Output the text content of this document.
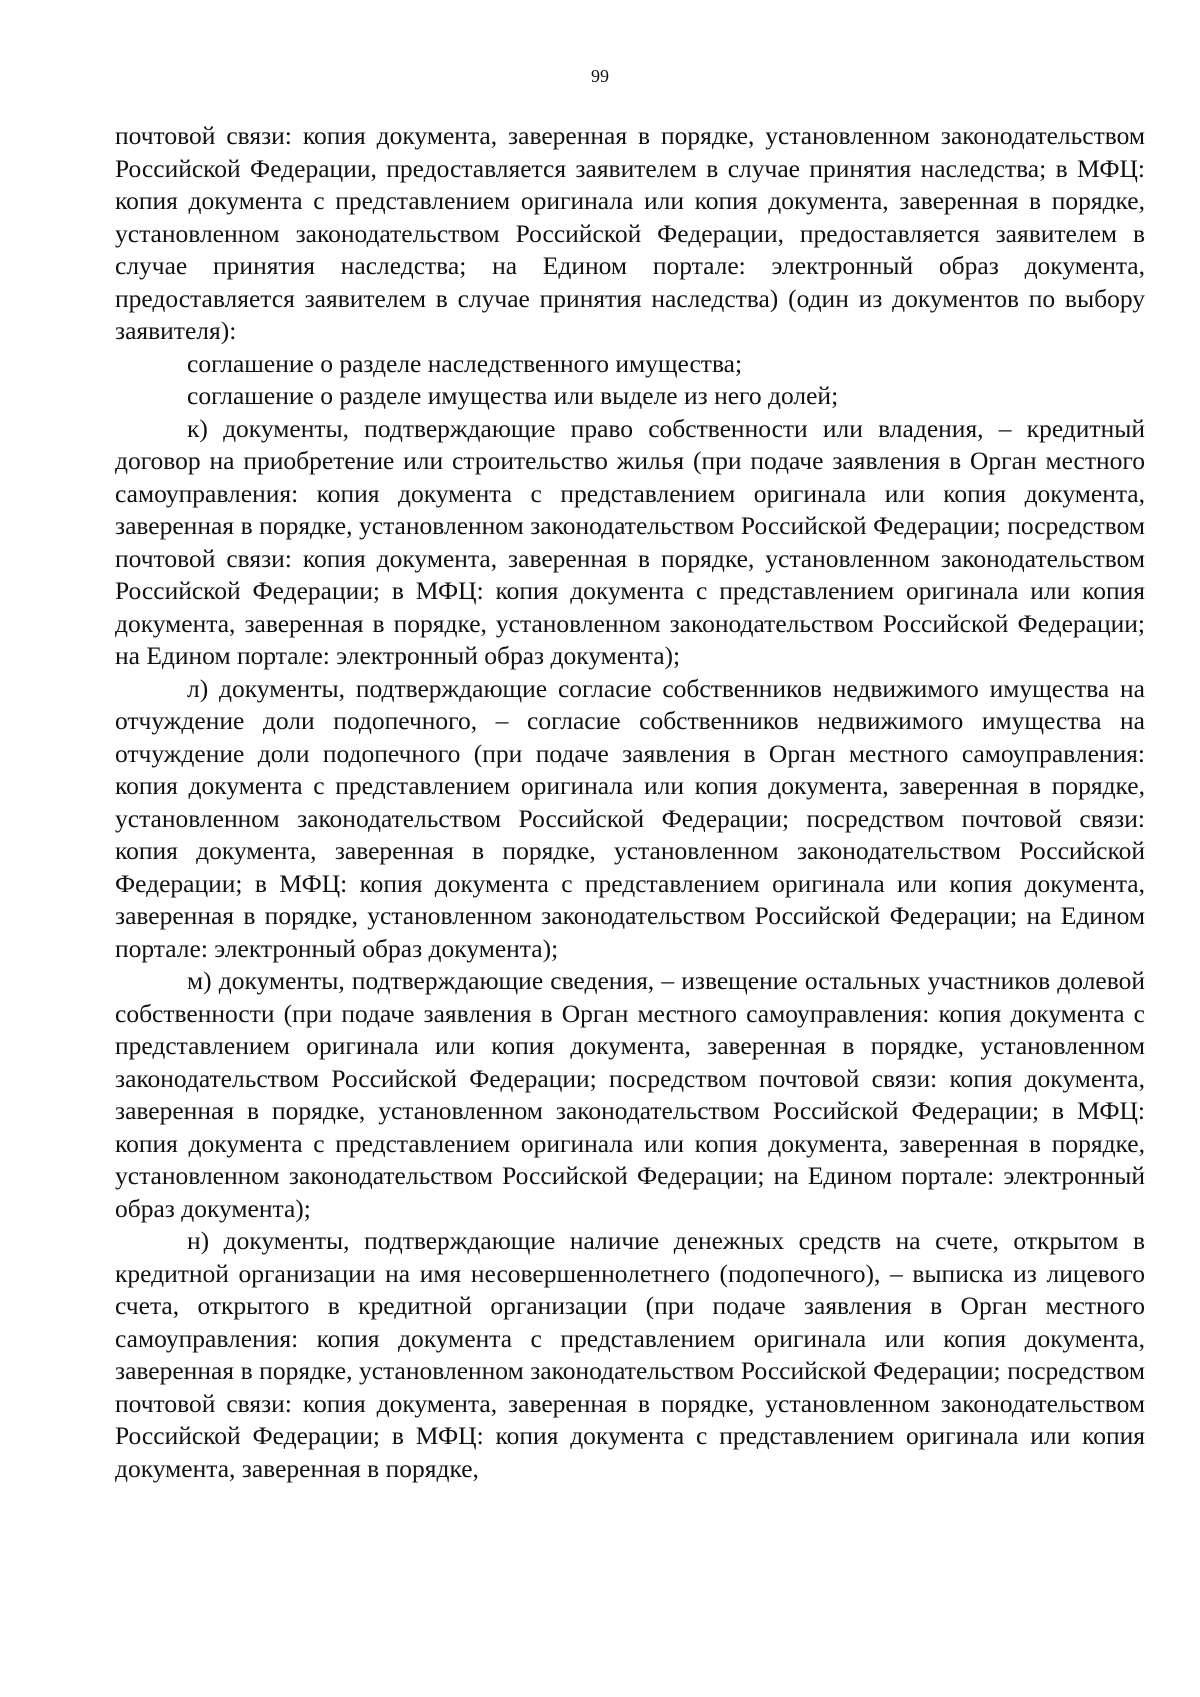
99

почтовой связи: копия документа, заверенная в порядке, установленном законодательством Российской Федерации, предоставляется заявителем в случае принятия наследства; в МФЦ: копия документа с представлением оригинала или копия документа, заверенная в порядке, установленном законодательством Российской Федерации, предоставляется заявителем в случае принятия наследства; на Едином портале: электронный образ документа, предоставляется заявителем в случае принятия наследства) (один из документов по выбору заявителя):

соглашение о разделе наследственного имущества;

соглашение о разделе имущества или выделе из него долей;

к) документы, подтверждающие право собственности или владения, – кредитный договор на приобретение или строительство жилья (при подаче заявления в Орган местного самоуправления: копия документа с представлением оригинала или копия документа, заверенная в порядке, установленном законодательством Российской Федерации; посредством почтовой связи: копия документа, заверенная в порядке, установленном законодательством Российской Федерации; в МФЦ: копия документа с представлением оригинала или копия документа, заверенная в порядке, установленном законодательством Российской Федерации; на Едином портале: электронный образ документа);

л) документы, подтверждающие согласие собственников недвижимого имущества на отчуждение доли подопечного, – согласие собственников недвижимого имущества на отчуждение доли подопечного (при подаче заявления в Орган местного самоуправления: копия документа с представлением оригинала или копия документа, заверенная в порядке, установленном законодательством Российской Федерации; посредством почтовой связи: копия документа, заверенная в порядке, установленном законодательством Российской Федерации; в МФЦ: копия документа с представлением оригинала или копия документа, заверенная в порядке, установленном законодательством Российской Федерации; на Едином портале: электронный образ документа);

м) документы, подтверждающие сведения, – извещение остальных участников долевой собственности (при подаче заявления в Орган местного самоуправления: копия документа с представлением оригинала или копия документа, заверенная в порядке, установленном законодательством Российской Федерации; посредством почтовой связи: копия документа, заверенная в порядке, установленном законодательством Российской Федерации; в МФЦ: копия документа с представлением оригинала или копия документа, заверенная в порядке, установленном законодательством Российской Федерации; на Едином портале: электронный образ документа);

н) документы, подтверждающие наличие денежных средств на счете, открытом в кредитной организации на имя несовершеннолетнего (подопечного), – выписка из лицевого счета, открытого в кредитной организации (при подаче заявления в Орган местного самоуправления: копия документа с представлением оригинала или копия документа, заверенная в порядке, установленном законодательством Российской Федерации; посредством почтовой связи: копия документа, заверенная в порядке, установленном законодательством Российской Федерации; в МФЦ: копия документа с представлением оригинала или копия документа, заверенная в порядке,
